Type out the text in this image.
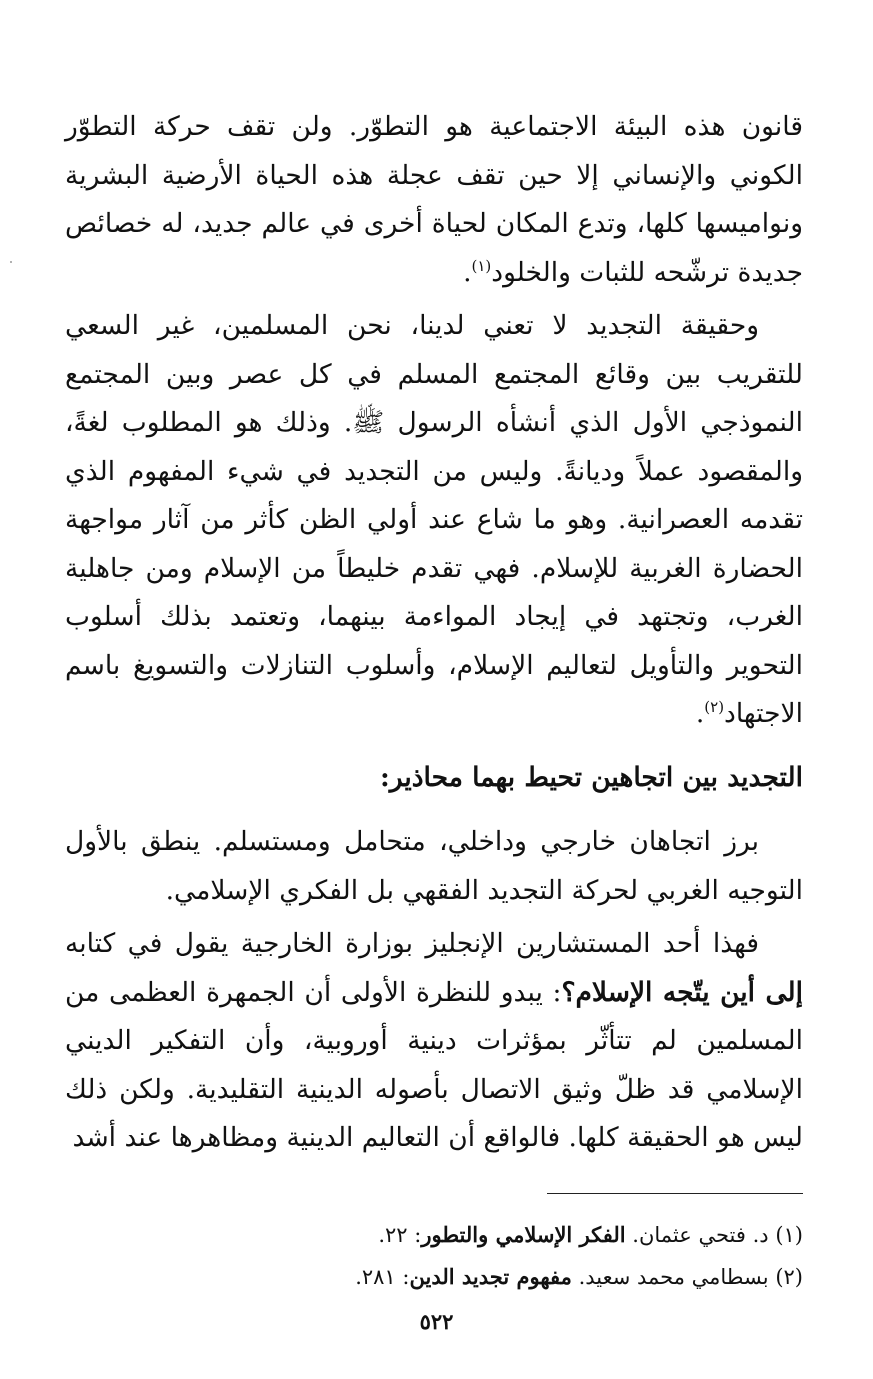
قانون هذه البيئة الاجتماعية هو التطوّر. ولن تقف حركة التطوّر الكوني والإنساني إلا حين تقف عجلة هذه الحياة الأرضية البشرية ونواميسها كلها، وتدع المكان لحياة أخرى في عالم جديد، له خصائص جديدة ترشّحه للثبات والخلود$^{(١)}$.
وحقيقة التجديد لا تعني لدينا، نحن المسلمين، غير السعي للتقريب بين وقائع المجتمع المسلم في كل عصر وبين المجتمع النموذجي الأول الذي أنشأه الرسول ﷺ. وذلك هو المطلوب لغةً، والمقصود عملاً وديانةً. وليس من التجديد في شيء المفهوم الذي تقدمه العصرانية. وهو ما شاع عند أولي الظن كأثر من آثار مواجهة الحضارة الغربية للإسلام. فهي تقدم خليطاً من الإسلام ومن جاهلية الغرب، وتجتهد في إيجاد المواءمة بينهما، وتعتمد بذلك أسلوب التحوير والتأويل لتعاليم الإسلام، وأسلوب التنازلات والتسويغ باسم الاجتهاد$^{(٢)}$.
التجديد بين اتجاهين تحيط بهما محاذير:
برز اتجاهان خارجي وداخلي، متحامل ومستسلم. ينطق بالأول التوجيه الغربي لحركة التجديد الفقهي بل الفكري الإسلامي.
فهذا أحد المستشارين الإنجليز بوزارة الخارجية يقول في كتابه إلى أين يتّجه الإسلام؟: يبدو للنظرة الأولى أن الجمهرة العظمى من المسلمين لم تتأثّر بمؤثرات دينية أوروبية، وأن التفكير الديني الإسلامي قد ظلّ وثيق الاتصال بأصوله الدينية التقليدية. ولكن ذلك ليس هو الحقيقة كلها. فالواقع أن التعاليم الدينية ومظاهرها عند أشد
(١) د. فتحي عثمان. الفكر الإسلامي والتطور: ٢٢.
(٢) بسطامي محمد سعيد. مفهوم تجديد الدين: ٢٨١.
٥٢٢
